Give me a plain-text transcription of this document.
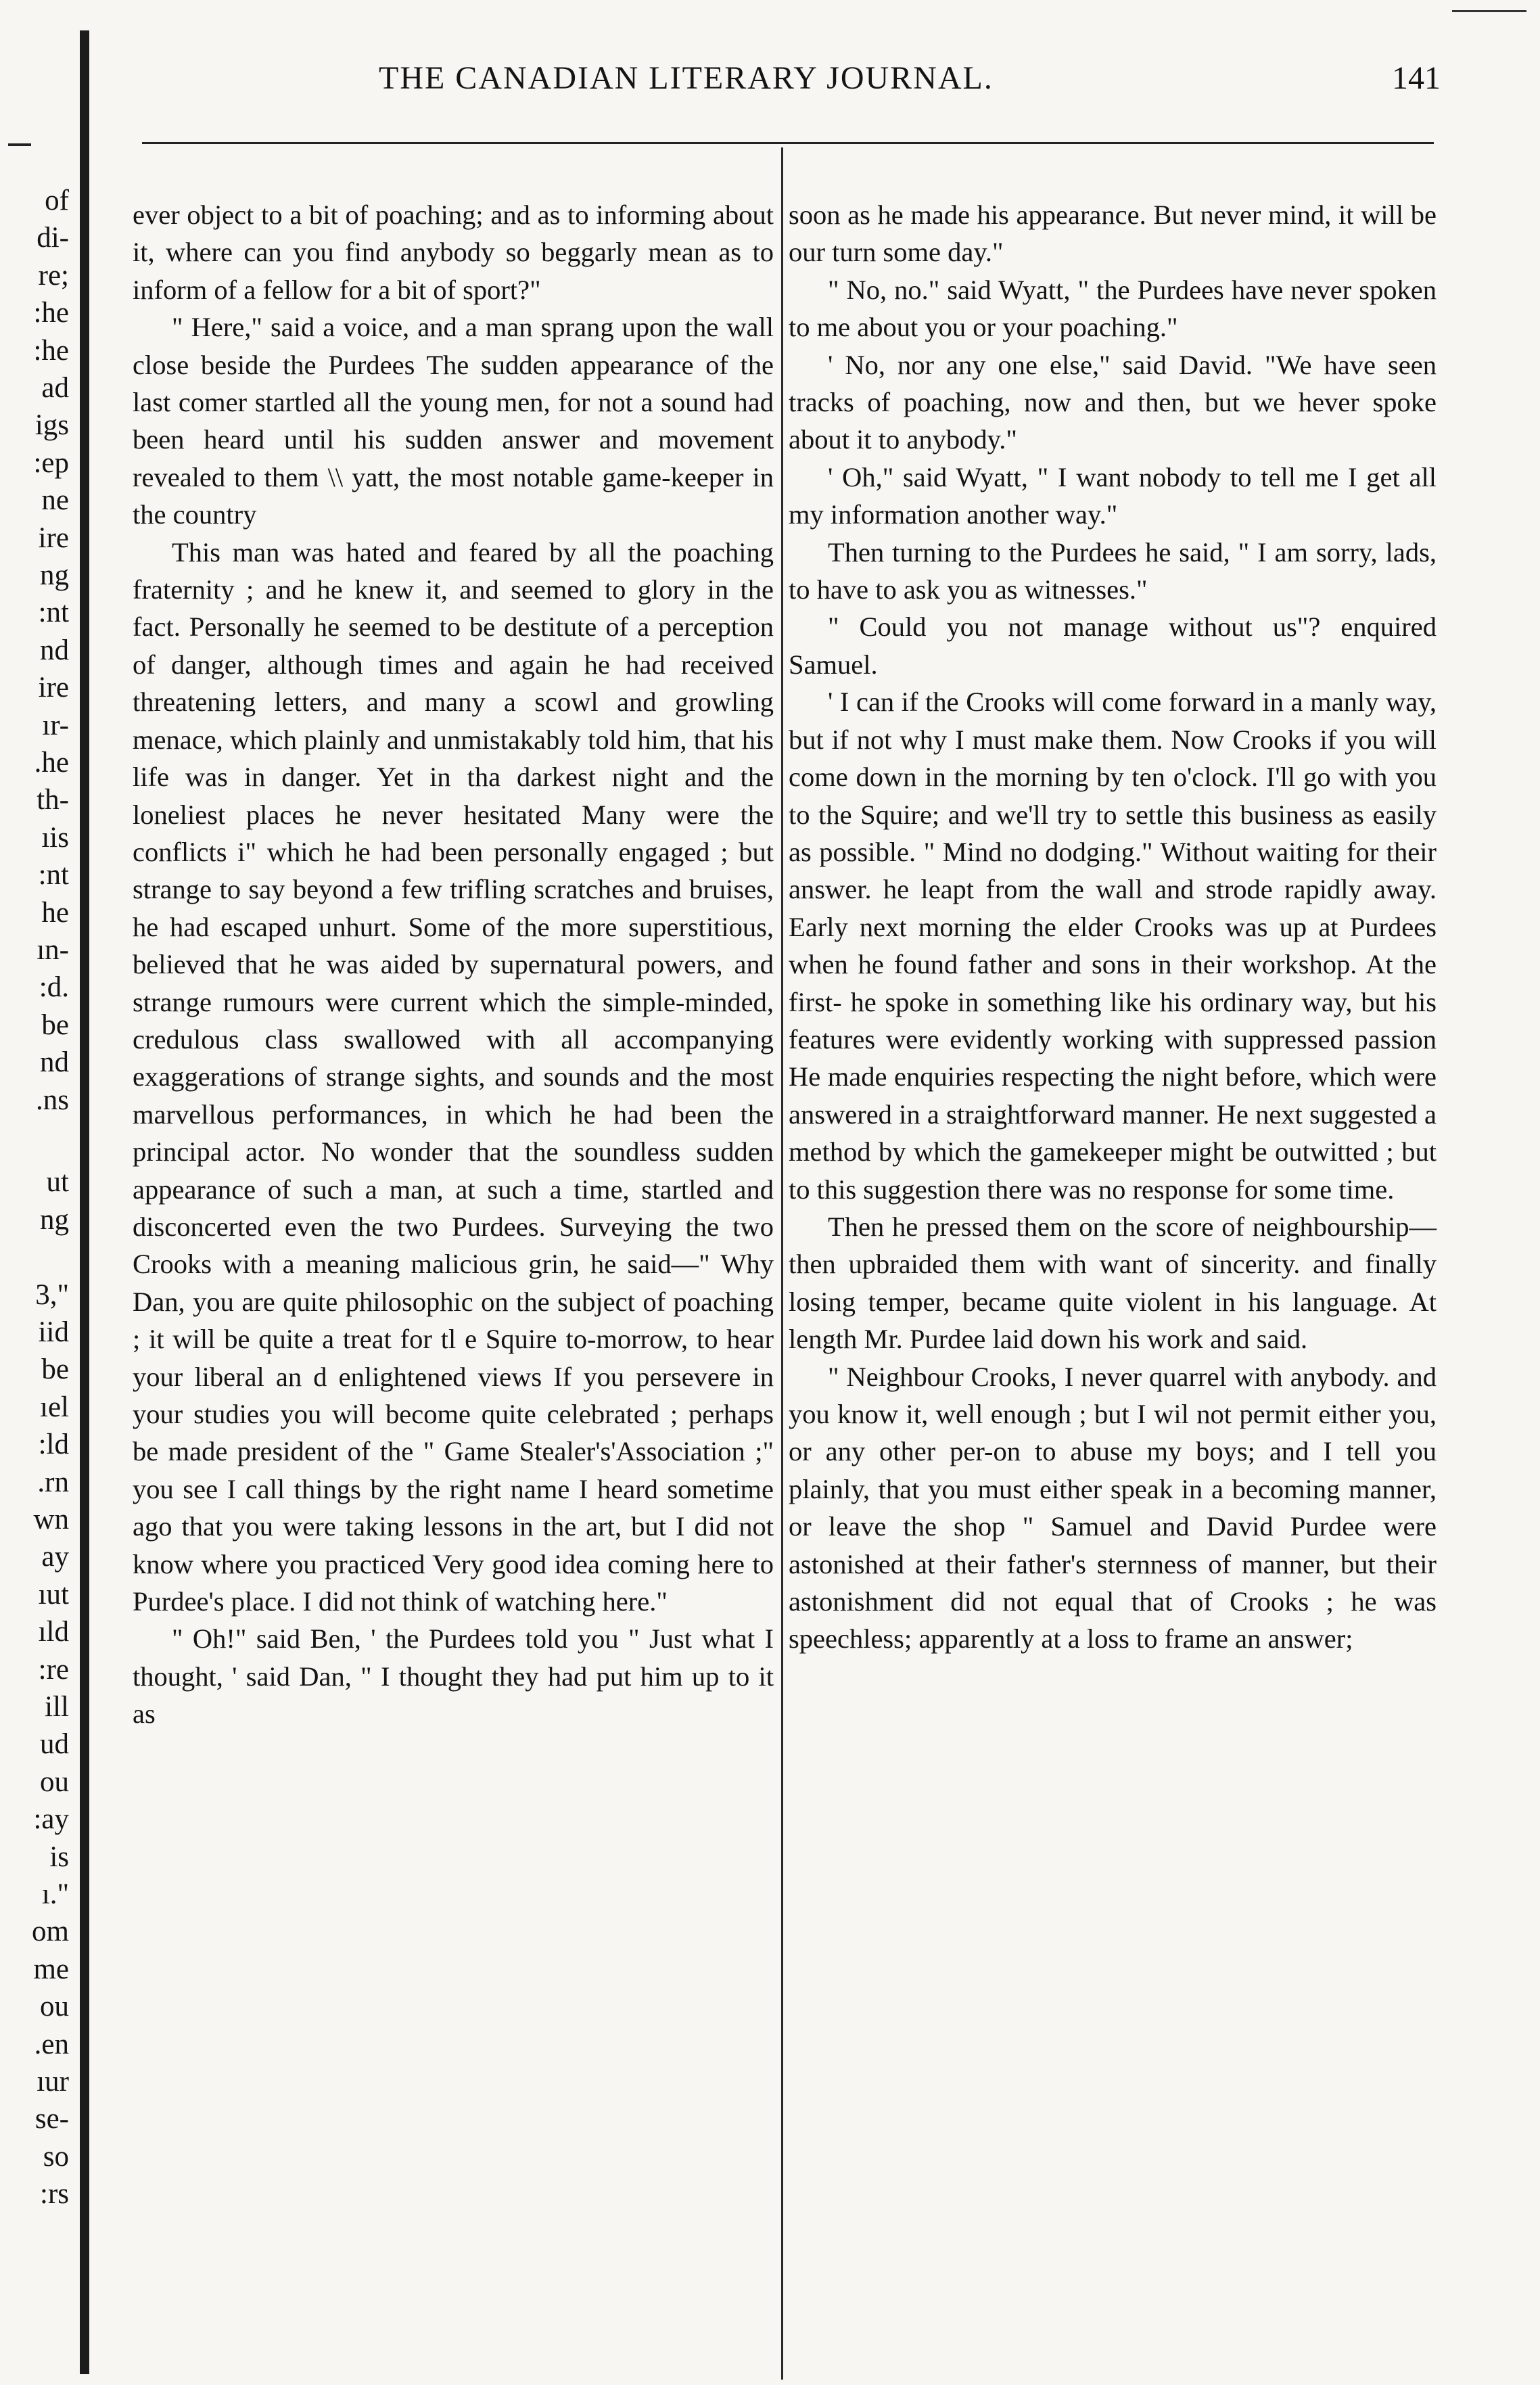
of
di-
re;
:he
:he
ad
igs
:ep
ne
ire
ng
:nt
nd
ire
ır-
.he
th-
ıis
:nt
he
ın-
:d.
be
nd
.ns
ut
ng
3,"
iid
be
ıel
:ld
.rn
wn
ay
ıut
ıld
:re
ill
ud
ou
:ay
is
ı."
om
me
ou
.en
ıur
se-
so
:rs
THE CANADIAN LITERARY JOURNAL.	141

ever object to a bit of poaching; and as to informing about it, where can you find anybody so beggarly mean as to inform of a fellow for a bit of sport?"

" Here," said a voice, and a man sprang upon the wall close beside the Purdees The sudden appearance of the last comer startled all the young men, for not a sound had been heard until his sudden answer and movement revealed to them \\ yatt, the most notable game-keeper in the country

This man was hated and feared by all the poaching fraternity ; and he knew it, and seemed to glory in the fact. Personally he seemed to be destitute of a perception of danger, although times and again he had received threatening letters, and many a scowl and growling menace, which plainly and unmistakably told him, that his life was in danger. Yet in tha darkest night and the loneliest places he never hesitated Many were the conflicts i" which he had been personally engaged ; but strange to say beyond a few trifling scratches and bruises, he had escaped unhurt. Some of the more superstitious, believed that he was aided by supernatural powers, and strange rumours were current which the simple-minded, credulous class swallowed with all accompanying exaggerations of strange sights, and sounds and the most marvellous performances, in which he had been the principal actor. No wonder that the soundless sudden appearance of such a man, at such a time, startled and disconcerted even the two Purdees. Surveying the two Crooks with a meaning malicious grin, he said—" Why Dan, you are quite philosophic on the subject of poaching ; it will be quite a treat for tl e Squire to-morrow, to hear your liberal an d enlightened views If you persevere in your studies you will become quite celebrated ; perhaps be made president of the " Game Stealer's'Association ;" you see I call things by the right name I heard sometime ago that you were taking lessons in the art, but I did not know where you practiced Very good idea coming here to Purdee's place. I did not think of watching here."

" Oh!" said Ben, ' the Purdees told you " Just what I thought, ' said Dan, " I thought they had put him up to it as

soon as he made his appearance. But never mind, it will be our turn some day."

" No, no." said Wyatt, " the Purdees have never spoken to me about you or your poaching."

' No, nor any one else," said David. "We have seen tracks of poaching, now and then, but we hever spoke about it to anybody."

' Oh," said Wyatt, " I want nobody to tell me I get all my information another way."

Then turning to the Purdees he said, " I am sorry, lads, to have to ask you as witnesses."

" Could you not manage without us"? enquired Samuel.

' I can if the Crooks will come forward in a manly way, but if not why I must make them. Now Crooks if you will come down in the morning by ten o'clock. I'll go with you to the Squire; and we'll try to settle this business as easily as possible. " Mind no dodging." Without waiting for their answer. he leapt from the wall and strode rapidly away. Early next morning the elder Crooks was up at Purdees when he found father and sons in their workshop. At the first- he spoke in something like his ordinary way, but his features were evidently working with suppressed passion He made enquiries respecting the night before, which were answered in a straightforward manner. He next suggested a method by which the gamekeeper might be outwitted ; but to this suggestion there was no response for some time.

Then he pressed them on the score of neighbourship—then upbraided them with want of sincerity. and finally losing temper, became quite violent in his language. At length Mr. Purdee laid down his work and said.

" Neighbour Crooks, I never quarrel with anybody. and you know it, well enough ; but I wil not permit either you, or any other per-on to abuse my boys; and I tell you plainly, that you must either speak in a becoming manner, or leave the shop " Samuel and David Purdee were astonished at their father's sternness of manner, but their astonishment did not equal that of Crooks ; he was speechless; apparently at a loss to frame an answer;
